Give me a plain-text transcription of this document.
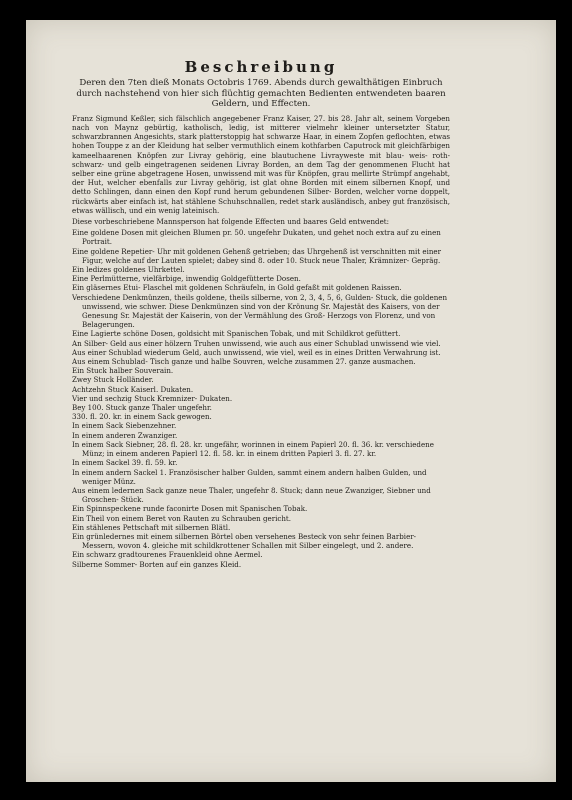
Beschreibung
Deren den 7ten dieß Monats Octobris 1769. Abends durch gewalthätigen Einbruch durch nachstehend von hier sich flüchtig gemachten Bedienten entwendeten baaren Geldern, und Effecten.
Franz Sigmund Keßler, sich fälschlich angegebener Franz Kaiser, 27. bis 28. Jahr alt, seinem Vorgeben nach von Maynz gebürtig, katholisch, ledig, ist mitterer vielmehr kleiner untersetzter Statur, schwarzbrannen Angesichts, stark platterstoppig hat schwarze Haar, in einem Zopfen geflochten, etwas hohen Touppe z an der Kleidung hat selber vermuthlich einem kothfarben Caputrock mit gleichfärbigen kameelhaarenen Knöpfen zur Livray gehörig, eine blautuchene Livrayweste mit blau- weis- roth- schwarz- und gelb eingetragenen seidenen Livray Borden, an dem Tag der genommenen Flucht hat selber eine grüne abgetragene Hosen, unwissend mit was für Knöpfen, grau mellirte Strümpf angehabt, der Hut, welcher ebenfalls zur Livray gehörig, ist glat ohne Borden mit einem silbernen Knopf, und detto Schlingen, dann einen den Kopf rund herum gebundenen Silber- Borden, welcher vorne doppelt, rückwärts aber einfach ist, hat stählene Schuhschnallen, redet stark ausländisch, anbey gut französisch, etwas wällisch, und ein wenig lateinisch.
Diese vorbeschriebene Mannsperson hat folgende Effecten und baares Geld entwendet:
Eine goldene Dosen mit gleichen Blumen pr. 50. ungefehr Dukaten, und gehet noch extra auf zu einen Portrait.
Eine goldene Repetier- Uhr mit goldenen Gehenß getrieben; das Uhrgehenß ist verschnitten mit einer Figur, welche auf der Lauten spielet; dabey sind 8. oder 10. Stuck neue Thaler, Krämnizer- Gepräg.
Ein ledizes goldenes Uhrkettel.
Eine Perlmütterne, vielfärbige, inwendig Goldgefütterte Dosen.
Ein gläsernes Etui- Flaschel mit goldenen Schräufeln, in Gold gefaßt mit goldenen Raissen.
Verschiedene Denkmünzen, theils goldene, theils silberne, von 2, 3, 4, 5, 6, Gulden- Stuck, die goldenen unwissend, wie schwer. Diese Denkmünzen sind von der Krönung Sr. Majestät des Kaisers, von der Genesung Sr. Majestät der Kaiserin, von der Vermählung des Groß- Herzogs von Florenz, und von Belagerungen.
Eine Lagierte schöne Dosen, goldsicht mit Spanischen Tobak, und mit Schildkrot gefüttert.
An Silber- Geld aus einer hölzern Truhen unwissend, wie auch aus einer Schublad unwissend wie viel.
Aus einer Schublad wiederum Geld, auch unwissend, wie viel, weil es in eines Dritten Verwahrung ist.
Aus einem Schublad- Tisch ganze und halbe Souvren, welche zusammen 27. ganze ausmachen.
Ein Stuck halber Souverain.
Zwey Stuck Holländer.
Achtzehn Stuck Kaiserl. Dukaten.
Vier und sechzig Stuck Kremnizer- Dukaten.
Bey 100. Stuck ganze Thaler ungefehr.
330. fl. 20. kr. in einem Sack gewogen.
In einem Sack Siebenzehner.
In einem anderen Zwanziger.
In einem Sack Siebner, 28. fl. 28. kr. ungefähr, worinnen in einem Papierl 20. fl. 36. kr. verschiedene Münz; in einem anderen Papierl 12. fl. 58. kr. in einem dritten Papierl 3. fl. 27. kr.
In einem Sackel 39. fl. 59. kr.
In einem andern Sackel 1. Französischer halber Gulden, sammt einem andern halben Gulden, und weniger Münz.
Aus einem ledernen Sack ganze neue Thaler, ungefehr 8. Stuck; dann neue Zwanziger, Siebner und Groschen- Stück.
Ein Spinnspeckene runde faconirte Dosen mit Spanischen Tobak.
Ein Theil von einem Beret von Rauten zu Schrauben gericht.
Ein stählenes Pettschaft mit silbernen Blätl.
Ein grünledernes mit einem silbernen Börtel oben versehenes Besteck von sehr feinen Barbier- Messern, wovon 4. gleiche mit schildkrottener Schallen mit Silber eingelegt, und 2. andere.
Ein schwarz gradtourenes Frauenkleid ohne Aermel.
Silberne Sommer- Borten auf ein ganzes Kleid.
